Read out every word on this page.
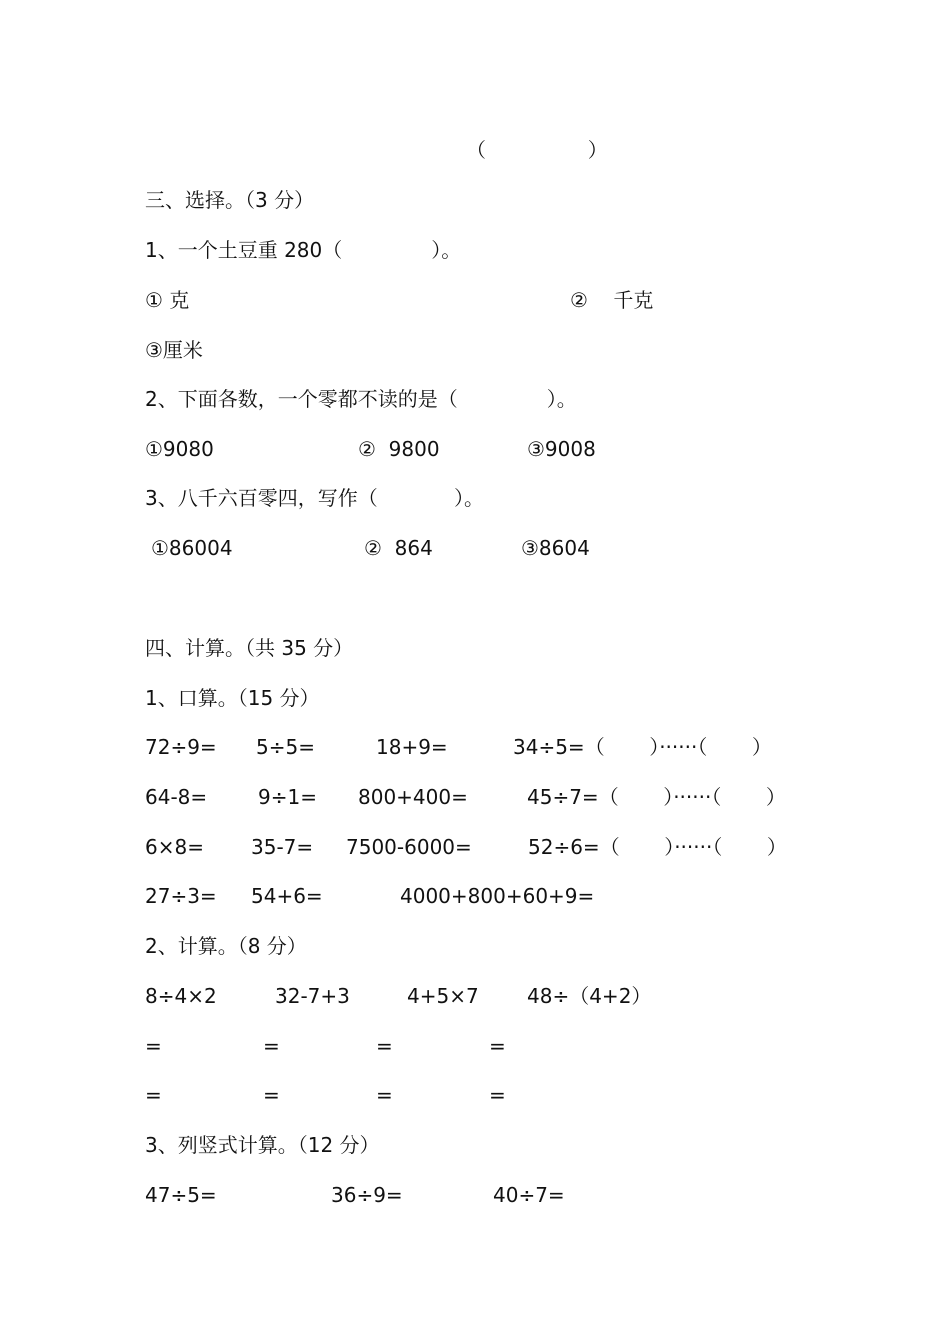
（                ）
三、选择。（3 分）
1、一个土豆重 280（              ）。
① 克	②    千克
③厘米
2、下面各数，一个零都不读的是（              ）。
①9080	②  9800	③9008
3、八千六百零四，写作（            ）。
①86004	②  864	③8604
四、计算。（共 35 分）
1、口算。（15 分）
72÷9= 5÷5=	18+9=	34÷5=（       ）······（       ）
64-8=	9÷1= 800+400=	45÷7=（       ）······（       ）
6×8= 35-7= 7500-6000=	52÷6=（       ）······（       ）
27÷3= 54+6=	4000+800+60+9=
2、计算。（8 分）
8÷4×2	32-7+3	4+5×7 48÷（4+2）
=	=	=	=
=	=	=	=
3、列竖式计算。（12 分）
47÷5=	36÷9=	40÷7=
